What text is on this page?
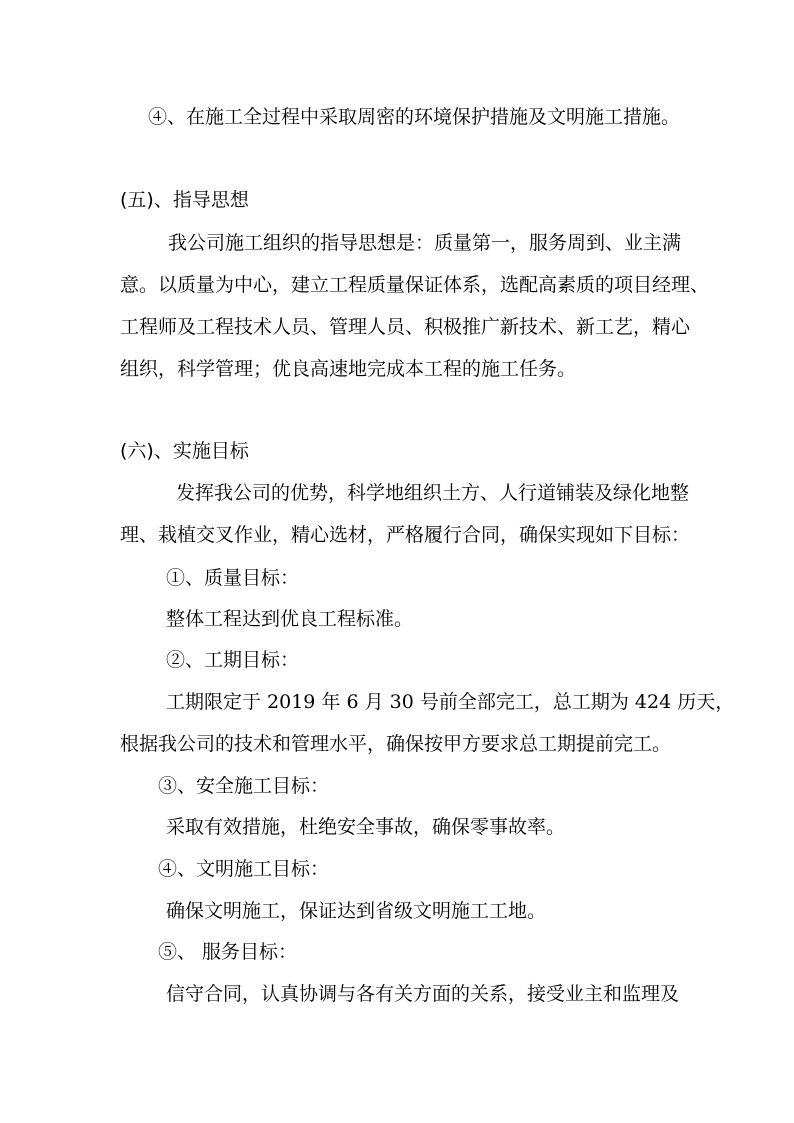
④、在施工全过程中采取周密的环境保护措施及文明施工措施。
(五)、指导思想
我公司施工组织的指导思想是：质量第一，服务周到、业主满
意。以质量为中心，建立工程质量保证体系，选配高素质的项目经理、
工程师及工程技术人员、管理人员、积极推广新技术、新工艺，精心
组织，科学管理；优良高速地完成本工程的施工任务。
(六)、实施目标
发挥我公司的优势，科学地组织土方、人行道铺装及绿化地整
理、栽植交叉作业，精心选材，严格履行合同，确保实现如下目标：
①、质量目标：
整体工程达到优良工程标准。
②、工期目标：
工期限定于 2019 年 6 月 30 号前全部完工，总工期为 424 历天，
根据我公司的技术和管理水平，确保按甲方要求总工期提前完工。
③、安全施工目标：
采取有效措施，杜绝安全事故，确保零事故率。
④、文明施工目标：
确保文明施工，保证达到省级文明施工工地。
⑤、 服务目标：
信守合同，认真协调与各有关方面的关系，接受业主和监理及
